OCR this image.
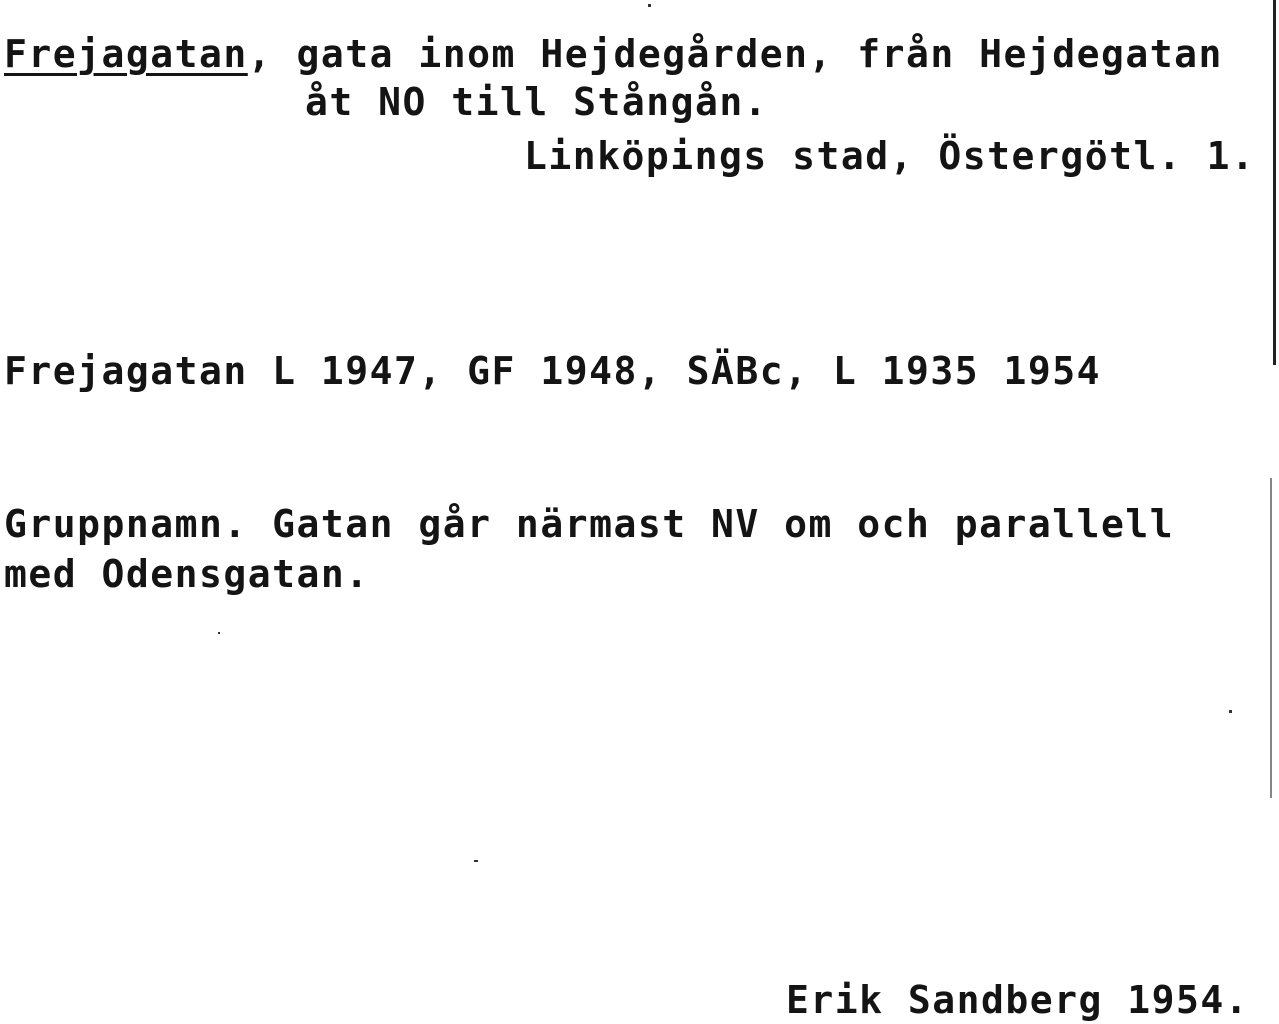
Frejagatan, gata inom Hejdegården, från Hejdegatan
åt NO till Stångån.
Linköpings stad, Östergötl. 1.
Frejagatan L 1947, GF 1948, SÄBc, L 1935 1954
Gruppnamn. Gatan går närmast NV om och parallell
med Odensgatan.
Erik Sandberg 1954.
